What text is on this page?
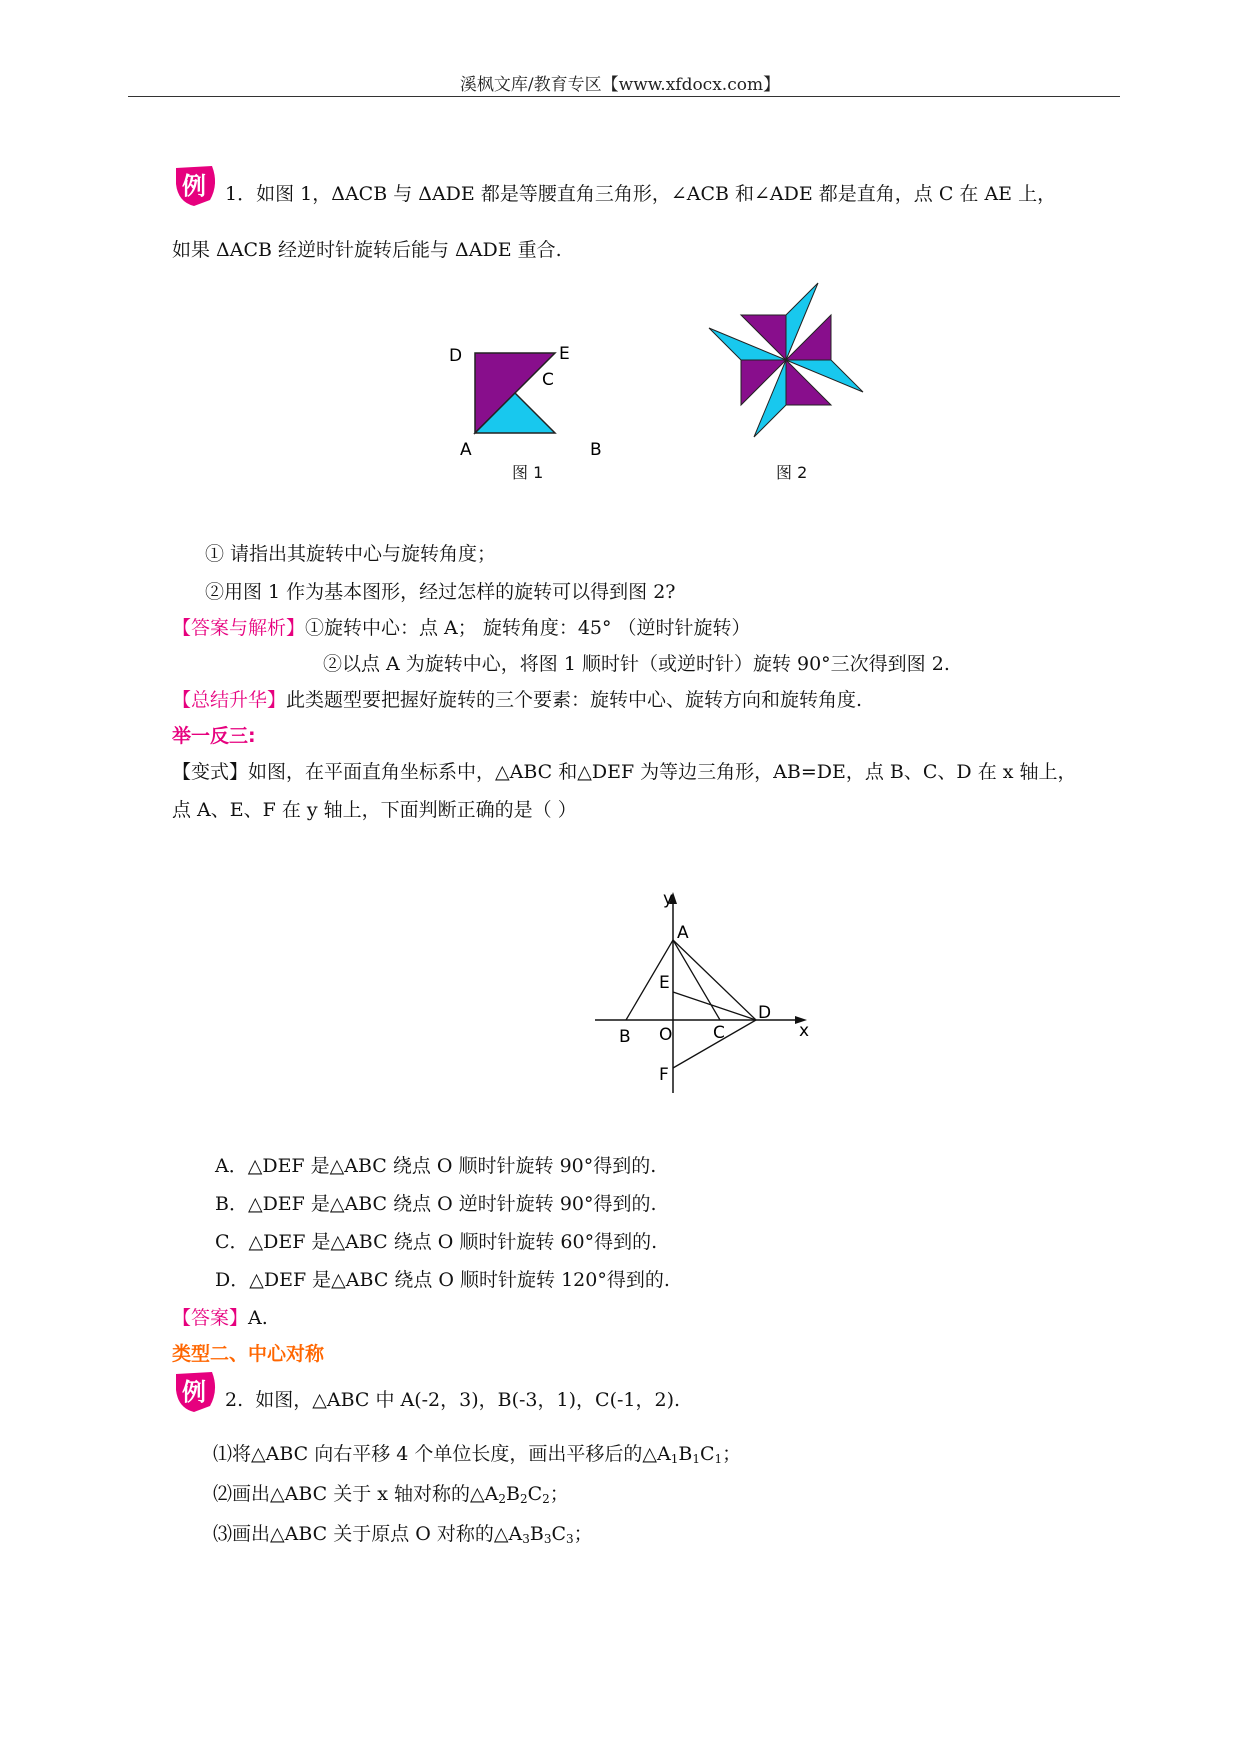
溪枫文库/教育专区【www.xfdocx.com】
例 1．如图 1，ΔACB 与 ΔADE 都是等腰直角三角形，∠ACB 和∠ADE 都是直角，点 C 在 AE 上，
如果 ΔACB 经逆时针旋转后能与 ΔADE 重合.
D	E
C
A	B
图 1	图 2
① 请指出其旋转中心与旋转角度；
②用图 1 作为基本图形，经过怎样的旋转可以得到图 2?
【答案与解析】①旋转中心：点 A； 旋转角度：45° （逆时针旋转）
②以点 A 为旋转中心，将图 1 顺时针（或逆时针）旋转 90°三次得到图 2.
【总结升华】此类题型要把握好旋转的三个要素：旋转中心、旋转方向和旋转角度.
举一反三:
【变式】如图，在平面直角坐标系中，△ABC 和△DEF 为等边三角形，AB=DE，点 B、C、D 在 x 轴上，
点 A、E、F 在 y 轴上，下面判断正确的是（ ）
y
x
A
E
B O C
D
F
A．△DEF 是△ABC 绕点 O 顺时针旋转 90°得到的.
B．△DEF 是△ABC 绕点 O 逆时针旋转 90°得到的.
C．△DEF 是△ABC 绕点 O 顺时针旋转 60°得到的.
D．△DEF 是△ABC 绕点 O 顺时针旋转 120°得到的.
【答案】A.
类型二、中心对称
例 2. 如图，△ABC 中 A(-2，3)，B(-3，1)，C(-1，2).
⑴将△ABC 向右平移 4 个单位长度，画出平移后的$\triangle A_1B_1C_1$；
⑵画出△ABC 关于 x 轴对称的$\triangle A_2B_2C_2$；
⑶画出△ABC 关于原点 O 对称的$\triangle A_3B_3C_3$；
